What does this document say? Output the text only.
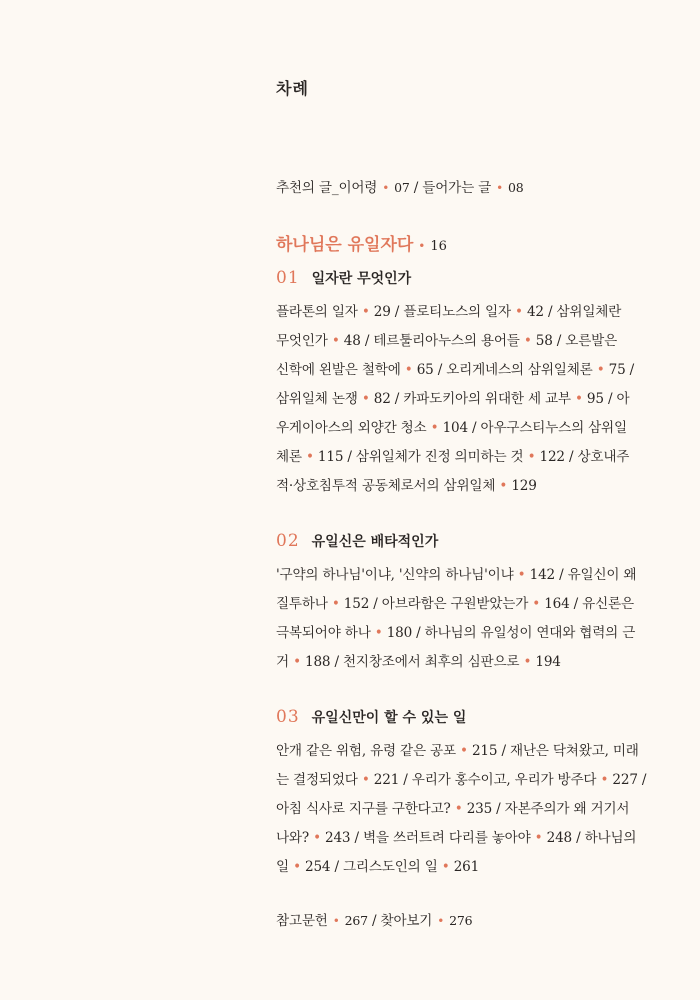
차례
추천의 글_이어령 • 07 / 들어가는 글 • 08
하나님은 유일자다 • 16
01 일자란 무엇인가
플라톤의 일자 • 29 / 플로티노스의 일자 • 42 / 삼위일체란
무엇인가 • 48 / 테르툴리아누스의 용어들 • 58 / 오른발은
신학에 왼발은 철학에 • 65 / 오리게네스의 삼위일체론 • 75 /
삼위일체 논쟁 • 82 / 카파도키아의 위대한 세 교부 • 95 / 아
우게이아스의 외양간 청소 • 104 / 아우구스티누스의 삼위일
체론 • 115 / 삼위일체가 진정 의미하는 것 • 122 / 상호내주
적·상호침투적 공동체로서의 삼위일체 • 129
02 유일신은 배타적인가
'구약의 하나님'이냐, '신약의 하나님'이냐 • 142 / 유일신이 왜
질투하나 • 152 / 아브라함은 구원받았는가 • 164 / 유신론은
극복되어야 하나 • 180 / 하나님의 유일성이 연대와 협력의 근
거 • 188 / 천지창조에서 최후의 심판으로 • 194
03 유일신만이 할 수 있는 일
안개 같은 위험, 유령 같은 공포 • 215 / 재난은 닥쳐왔고, 미래
는 결정되었다 • 221 / 우리가 홍수이고, 우리가 방주다 • 227 /
아침 식사로 지구를 구한다고? • 235 / 자본주의가 왜 거기서
나와? • 243 / 벽을 쓰러트려 다리를 놓아야 • 248 / 하나님의
일 • 254 / 그리스도인의 일 • 261
참고문헌 • 267 / 찾아보기 • 276
